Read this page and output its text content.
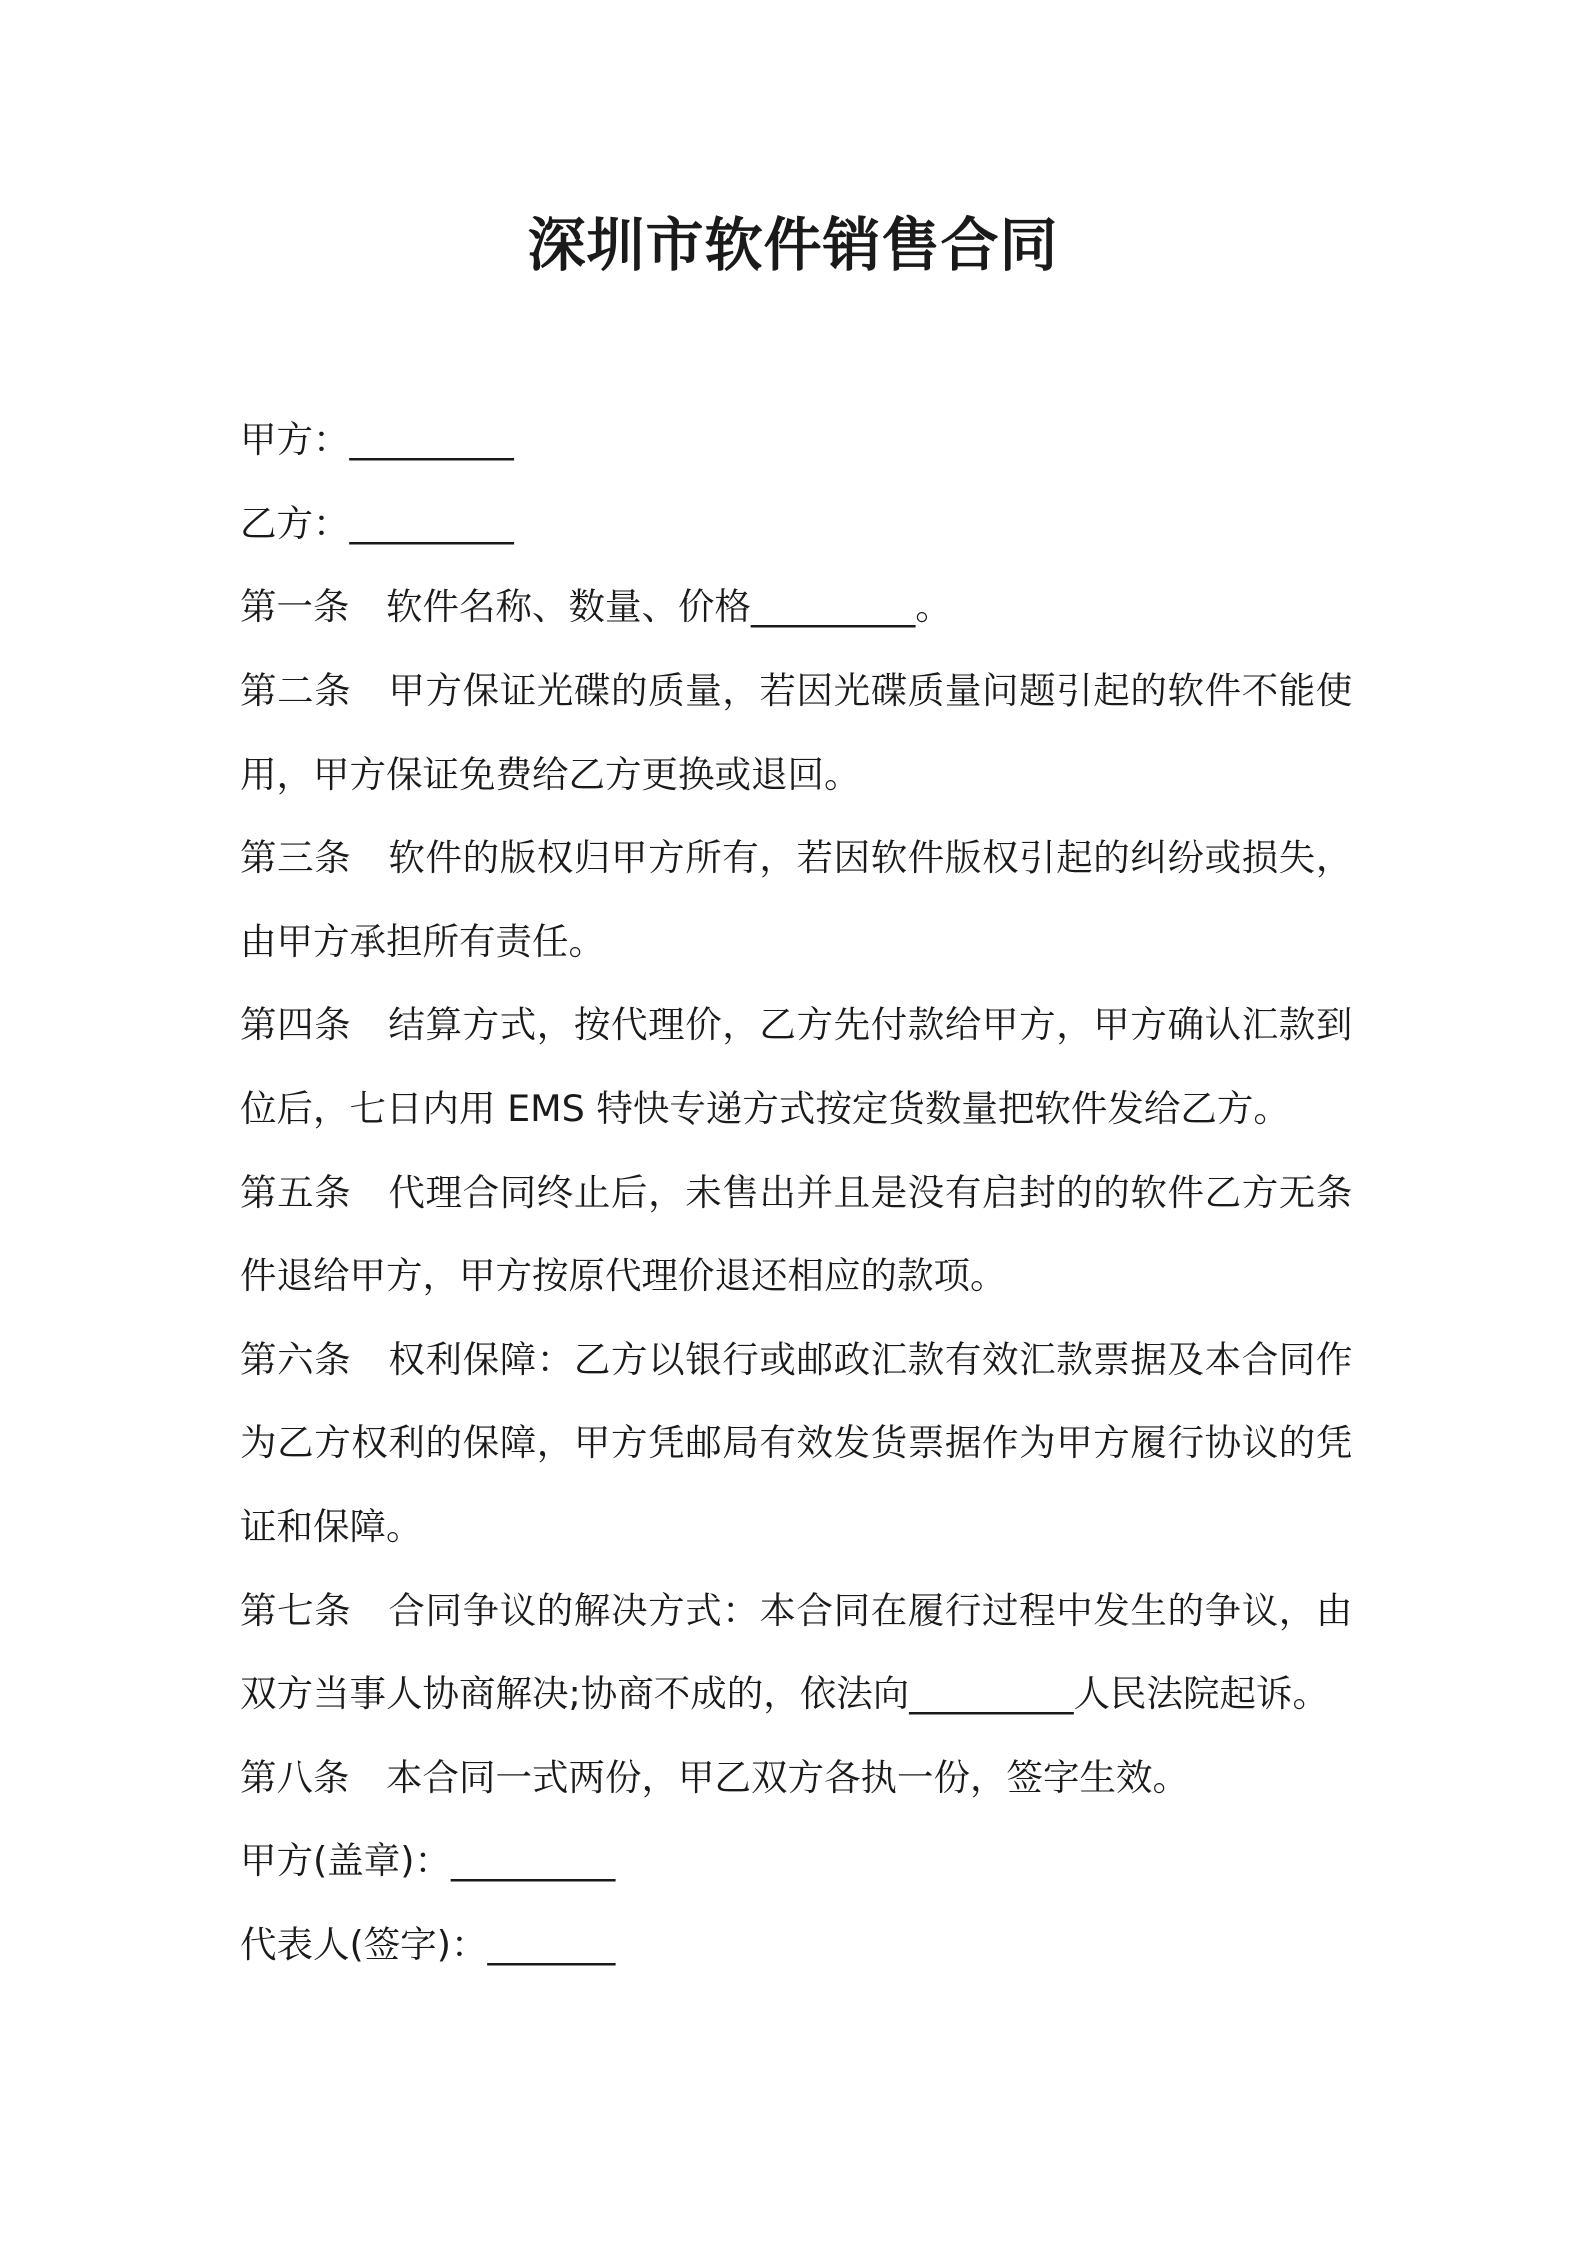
深圳市软件销售合同
甲方：_________
乙方：_________
第一条　软件名称、数量、价格_________。
第二条　甲方保证光碟的质量，若因光碟质量问题引起的软件不能使
用，甲方保证免费给乙方更换或退回。
第三条　软件的版权归甲方所有，若因软件版权引起的纠纷或损失，
由甲方承担所有责任。
第四条　结算方式，按代理价，乙方先付款给甲方，甲方确认汇款到
位后，七日内用 EMS 特快专递方式按定货数量把软件发给乙方。
第五条　代理合同终止后，未售出并且是没有启封的的软件乙方无条
件退给甲方，甲方按原代理价退还相应的款项。
第六条　权利保障：乙方以银行或邮政汇款有效汇款票据及本合同作
为乙方权利的保障，甲方凭邮局有效发货票据作为甲方履行协议的凭
证和保障。
第七条　合同争议的解决方式：本合同在履行过程中发生的争议，由
双方当事人协商解决;协商不成的，依法向_________人民法院起诉。
第八条　本合同一式两份，甲乙双方各执一份，签字生效。
甲方(盖章)：_________
代表人(签字)：_______
